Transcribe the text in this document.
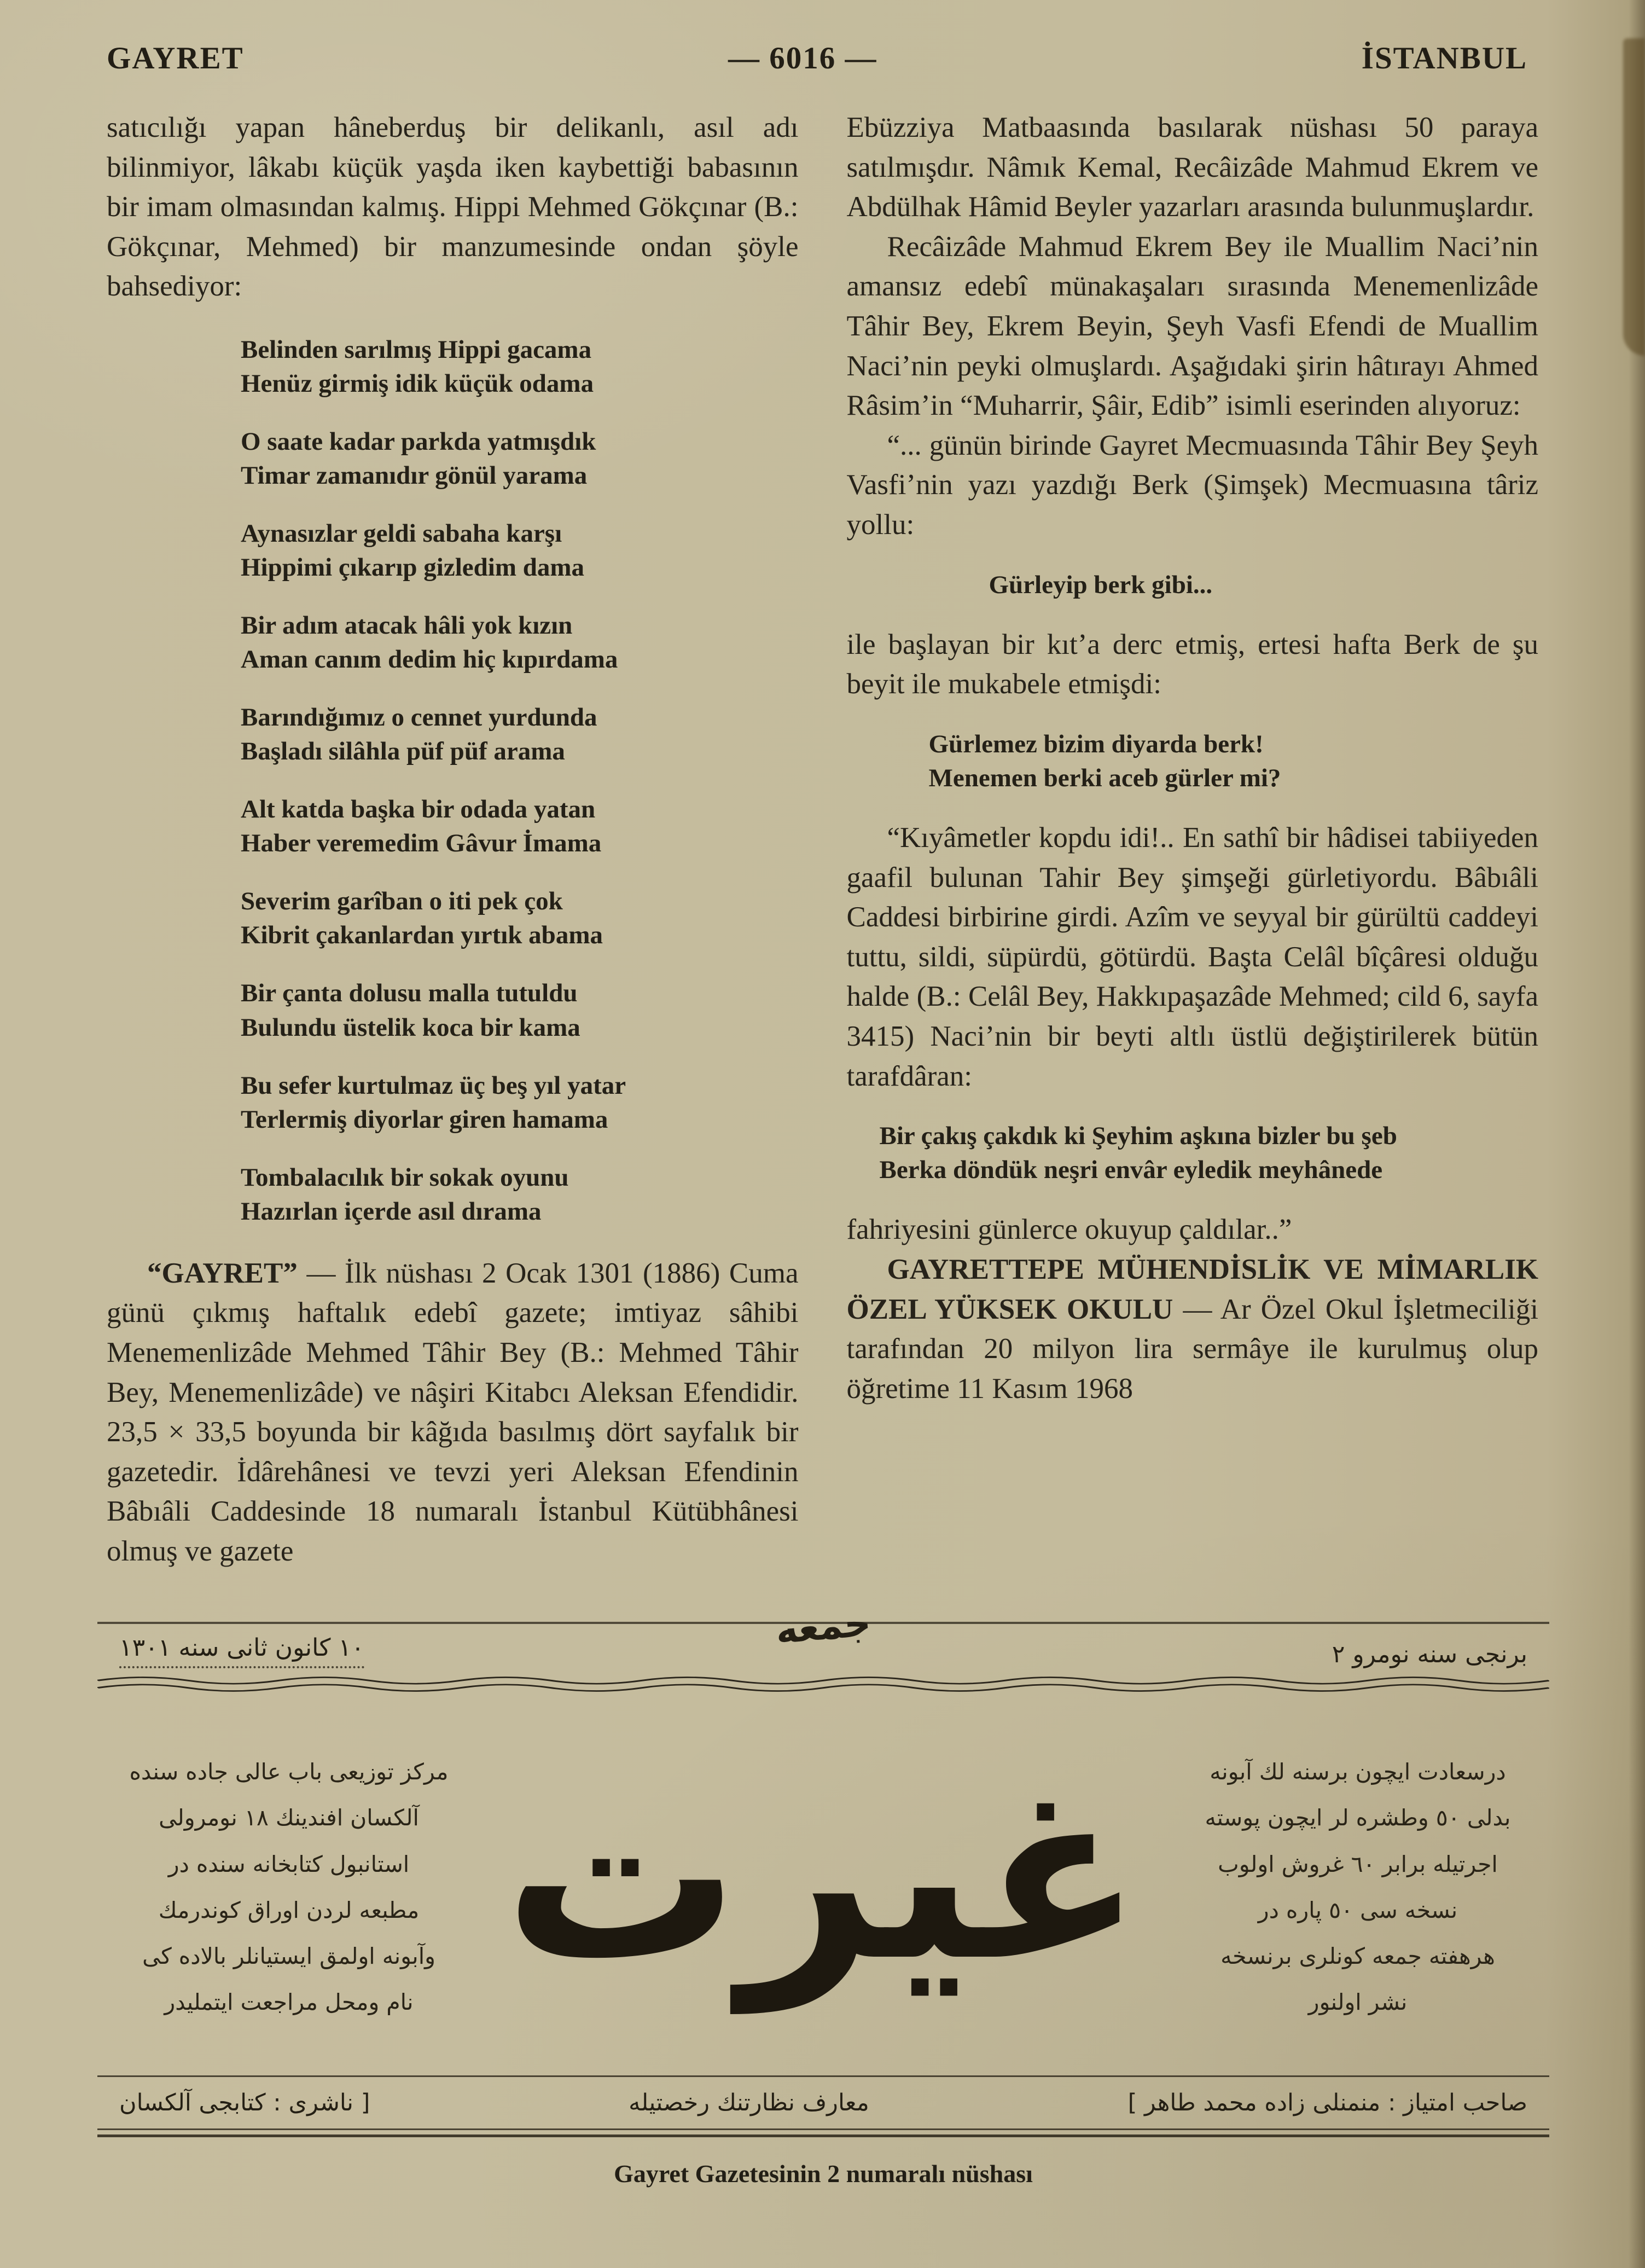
GAYRET	— 6016 —	İSTANBUL

satıcılığı yapan hâneberduş bir delikanlı, asıl adı bilinmiyor, lâkabı küçük yaşda iken kaybettiği babasının bir imam olmasından kalmış. Hippi Mehmed Gökçınar (B.: Gökçınar, Mehmed) bir manzumesinde ondan şöyle bahsediyor:

Belinden sarılmış Hippi gacama
Henüz girmiş idik küçük odama
O saate kadar parkda yatmışdık
Timar zamanıdır gönül yarama
Aynasızlar geldi sabaha karşı
Hippimi çıkarıp gizledim dama
Bir adım atacak hâli yok kızın
Aman canım dedim hiç kıpırdama
Barındığımız o cennet yurdunda
Başladı silâhla püf püf arama
Alt katda başka bir odada yatan
Haber veremedim Gâvur İmama
Severim garîban o iti pek çok
Kibrit çakanlardan yırtık abama
Bir çanta dolusu malla tutuldu
Bulundu üstelik koca bir kama
Bu sefer kurtulmaz üç beş yıl yatar
Terlermiş diyorlar giren hamama
Tombalacılık bir sokak oyunu
Hazırlan içerde asıl dırama

“GAYRET” — İlk nüshası 2 Ocak 1301 (1886) Cuma günü çıkmış haftalık edebî gazete; imtiyaz sâhibi Menemenlizâde Mehmed Tâhir Bey (B.: Mehmed Tâhir Bey, Menemenlizâde) ve nâşiri Kitabcı Aleksan Efendidir. 23,5 × 33,5 boyunda bir kâğıda basılmış dört sayfalık bir gazetedir. İdârehânesi ve tevzi yeri Aleksan Efendinin Bâbıâli Caddesinde 18 numaralı İstanbul Kütübhânesi olmuş ve gazete

Ebüzziya Matbaasında basılarak nüshası 50 paraya satılmışdır. Nâmık Kemal, Recâizâde Mahmud Ekrem ve Abdülhak Hâmid Beyler yazarları arasında bulunmuşlardır.

Recâizâde Mahmud Ekrem Bey ile Muallim Naci’nin amansız edebî münakaşaları sırasında Menemenlizâde Tâhir Bey, Ekrem Beyin, Şeyh Vasfi Efendi de Muallim Naci’nin peyki olmuşlardı. Aşağıdaki şirin hâtırayı Ahmed Râsim’in “Muharrir, Şâir, Edib” isimli eserinden alıyoruz:

“... günün birinde Gayret Mecmuasında Tâhir Bey Şeyh Vasfi’nin yazı yazdığı Berk (Şimşek) Mecmuasına târiz yollu:

Gürleyip berk gibi...

ile başlayan bir kıt’a derc etmiş, ertesi hafta Berk de şu beyit ile mukabele etmişdi:

Gürlemez bizim diyarda berk!
Menemen berki aceb gürler mi?

“Kıyâmetler kopdu idi!.. En sathî bir hâdisei tabiiyeden gaafil bulunan Tahir Bey şimşeği gürletiyordu. Bâbıâli Caddesi birbirine girdi. Azîm ve seyyal bir gürültü caddeyi tuttu, sildi, süpürdü, götürdü. Başta Celâl bîçâresi olduğu halde (B.: Celâl Bey, Hakkıpaşazâde Mehmed; cild 6, sayfa 3415) Naci’nin bir beyti altlı üstlü değiştirilerek bütün tarafdâran:

Bir çakış çakdık ki Şeyhim aşkına bizler bu şeb
Berka döndük neşri envâr eyledik meyhânede

fahriyesini günlerce okuyup çaldılar..”

GAYRETTEPE MÜHENDİSLİK VE MİMARLIK ÖZEL YÜKSEK OKULU — Ar Özel Okul İşletmeciliği tarafından 20 milyon lira sermâye ile kurulmuş olup öğretime 11 Kasım 1968

١٠ كانون ثانى سنه ١٣٠١	برنجى سنه نومرو ٢
جمعه
مركز توزيعى باب عالى جاده سنده
آلكسان افندينك ١٨ نومرولى
استانبول كتابخانه سنده در
مطبعه لردن اوراق كوندرمك
وآبونه اولمق ايستيانلر بالاده كى
نام ومحل مراجعت ايتمليدر غيرت	درسعادت ايچون برسنه لك آبونه
بدلى ٥٠ وطشره لر ايچون پوسته
اجرتيله برابر ٦٠ غروش اولوب
نسخه سى ٥٠ پاره در
هرهفته جمعه كونلرى برنسخه
نشر اولنور
[ ناشرى : كتابجى آلكسان	معارف نظارتنك رخصتيله	صاحب امتياز : منمنلى زاده محمد طاهر ]
Gayret Gazetesinin 2 numaralı nüshası
